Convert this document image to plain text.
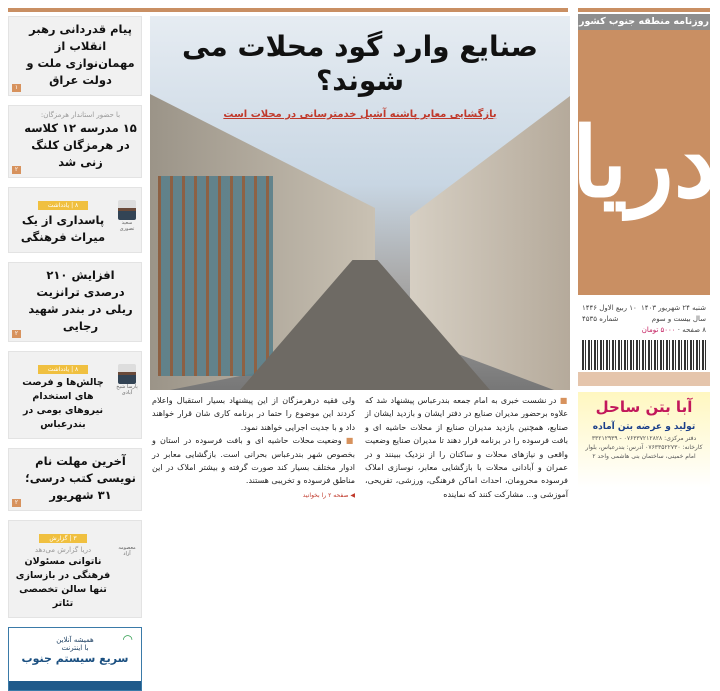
پیام قدردانی رهبر انقلاب از مهمان‌نوازی ملت و دولت عراق
۱
با حضور استاندار هرمزگان:
۱۵ مدرسه ۱۲ کلاسه در هرمزگان کلنگ زنی شد
۲
۸ | یادداشت
پاسداری از یک میراث فرهنگی
سعید تصوری
افزایش ۲۱۰ درصدی ترانزیت ریلی در بندر شهید رجایی
۲
۸ | یادداشت
چالش‌ها و فرصت های استخدام نیروهای بومی در بندرعباس
پارسا شیخ آبادی
آخرین مهلت نام نویسی کتب درسی؛ ۳۱ شهریور
۲
۳ | گزارش
دریا گزارش می‌دهد
ناتوانی مسئولان فرهنگی در بازسازی تنها سالن تخصصی تئاتر
معصومه آزاد
◠
همیشه آنلاین
با اینترنت
سریع سیستم جنوب
صنایع وارد گود محلات می شوند؟
بازگشایی معابر پاشنه آشیل خدمترسانی در محلات است
■ در نشست خبری به امام جمعه بندرعباس پیشنهاد شد که علاوه برحضور مدیران صنایع در دفتر ایشان و بازدید ایشان از صنایع، همچنین بازدید مدیران صنایع از محلات حاشیه ای و بافت فرسوده را در برنامه قرار دهند تا مدیران صنایع وضعیت واقعی و نیازهای محلات و ساکنان را از نزدیک ببینند و در عمران و آبادانی محلات با بازگشایی معابر، نوسازی املاک فرسوده محرومان، احداث اماکن فرهنگی، ورزشی، تفریحی، آموزشی و... مشارکت کنند که نماینده
ولی فقیه درهرمزگان از این پیشنهاد بسیار استقبال واعلام کردند این موضوع را حتما در برنامه کاری شان قرار خواهند داد و با جدیت اجرایی خواهند نمود.
■ وضعیت محلات حاشیه ای و بافت فرسوده در استان و بخصوص شهر بندرعباس بحرانی است. بازگشایی معابر در ادوار مختلف بسیار کند صورت گرفته و بیشتر املاک در این مناطق فرسوده و تخریبی هستند.
◀ صفحه ۲ را بخوانید
روزنامه منطقه جنوب کشور
دریا
شنبه ۲۴ شهریور ۱۴۰۳
۱۰ ربیع الاول ۱۴۴۶
سال بیست و سوم
شماره ۴۵۳۵
۸ صفحه · ۵۰۰۰ تومان
آبا بتن ساحل
تولید و عرضه بتن آماده
دفتر مرکزی: ۰۷۶۳۳۷۲۱۲۸۲۸ - ۳۳۲۱۲۹۳۹ کارخانه: ۰۷۶۳۳۵۲۲۷۳۰ آدرس: بندرعباس، بلوار امام خمینی، ساختمان بنی هاشمی واحد ۲
